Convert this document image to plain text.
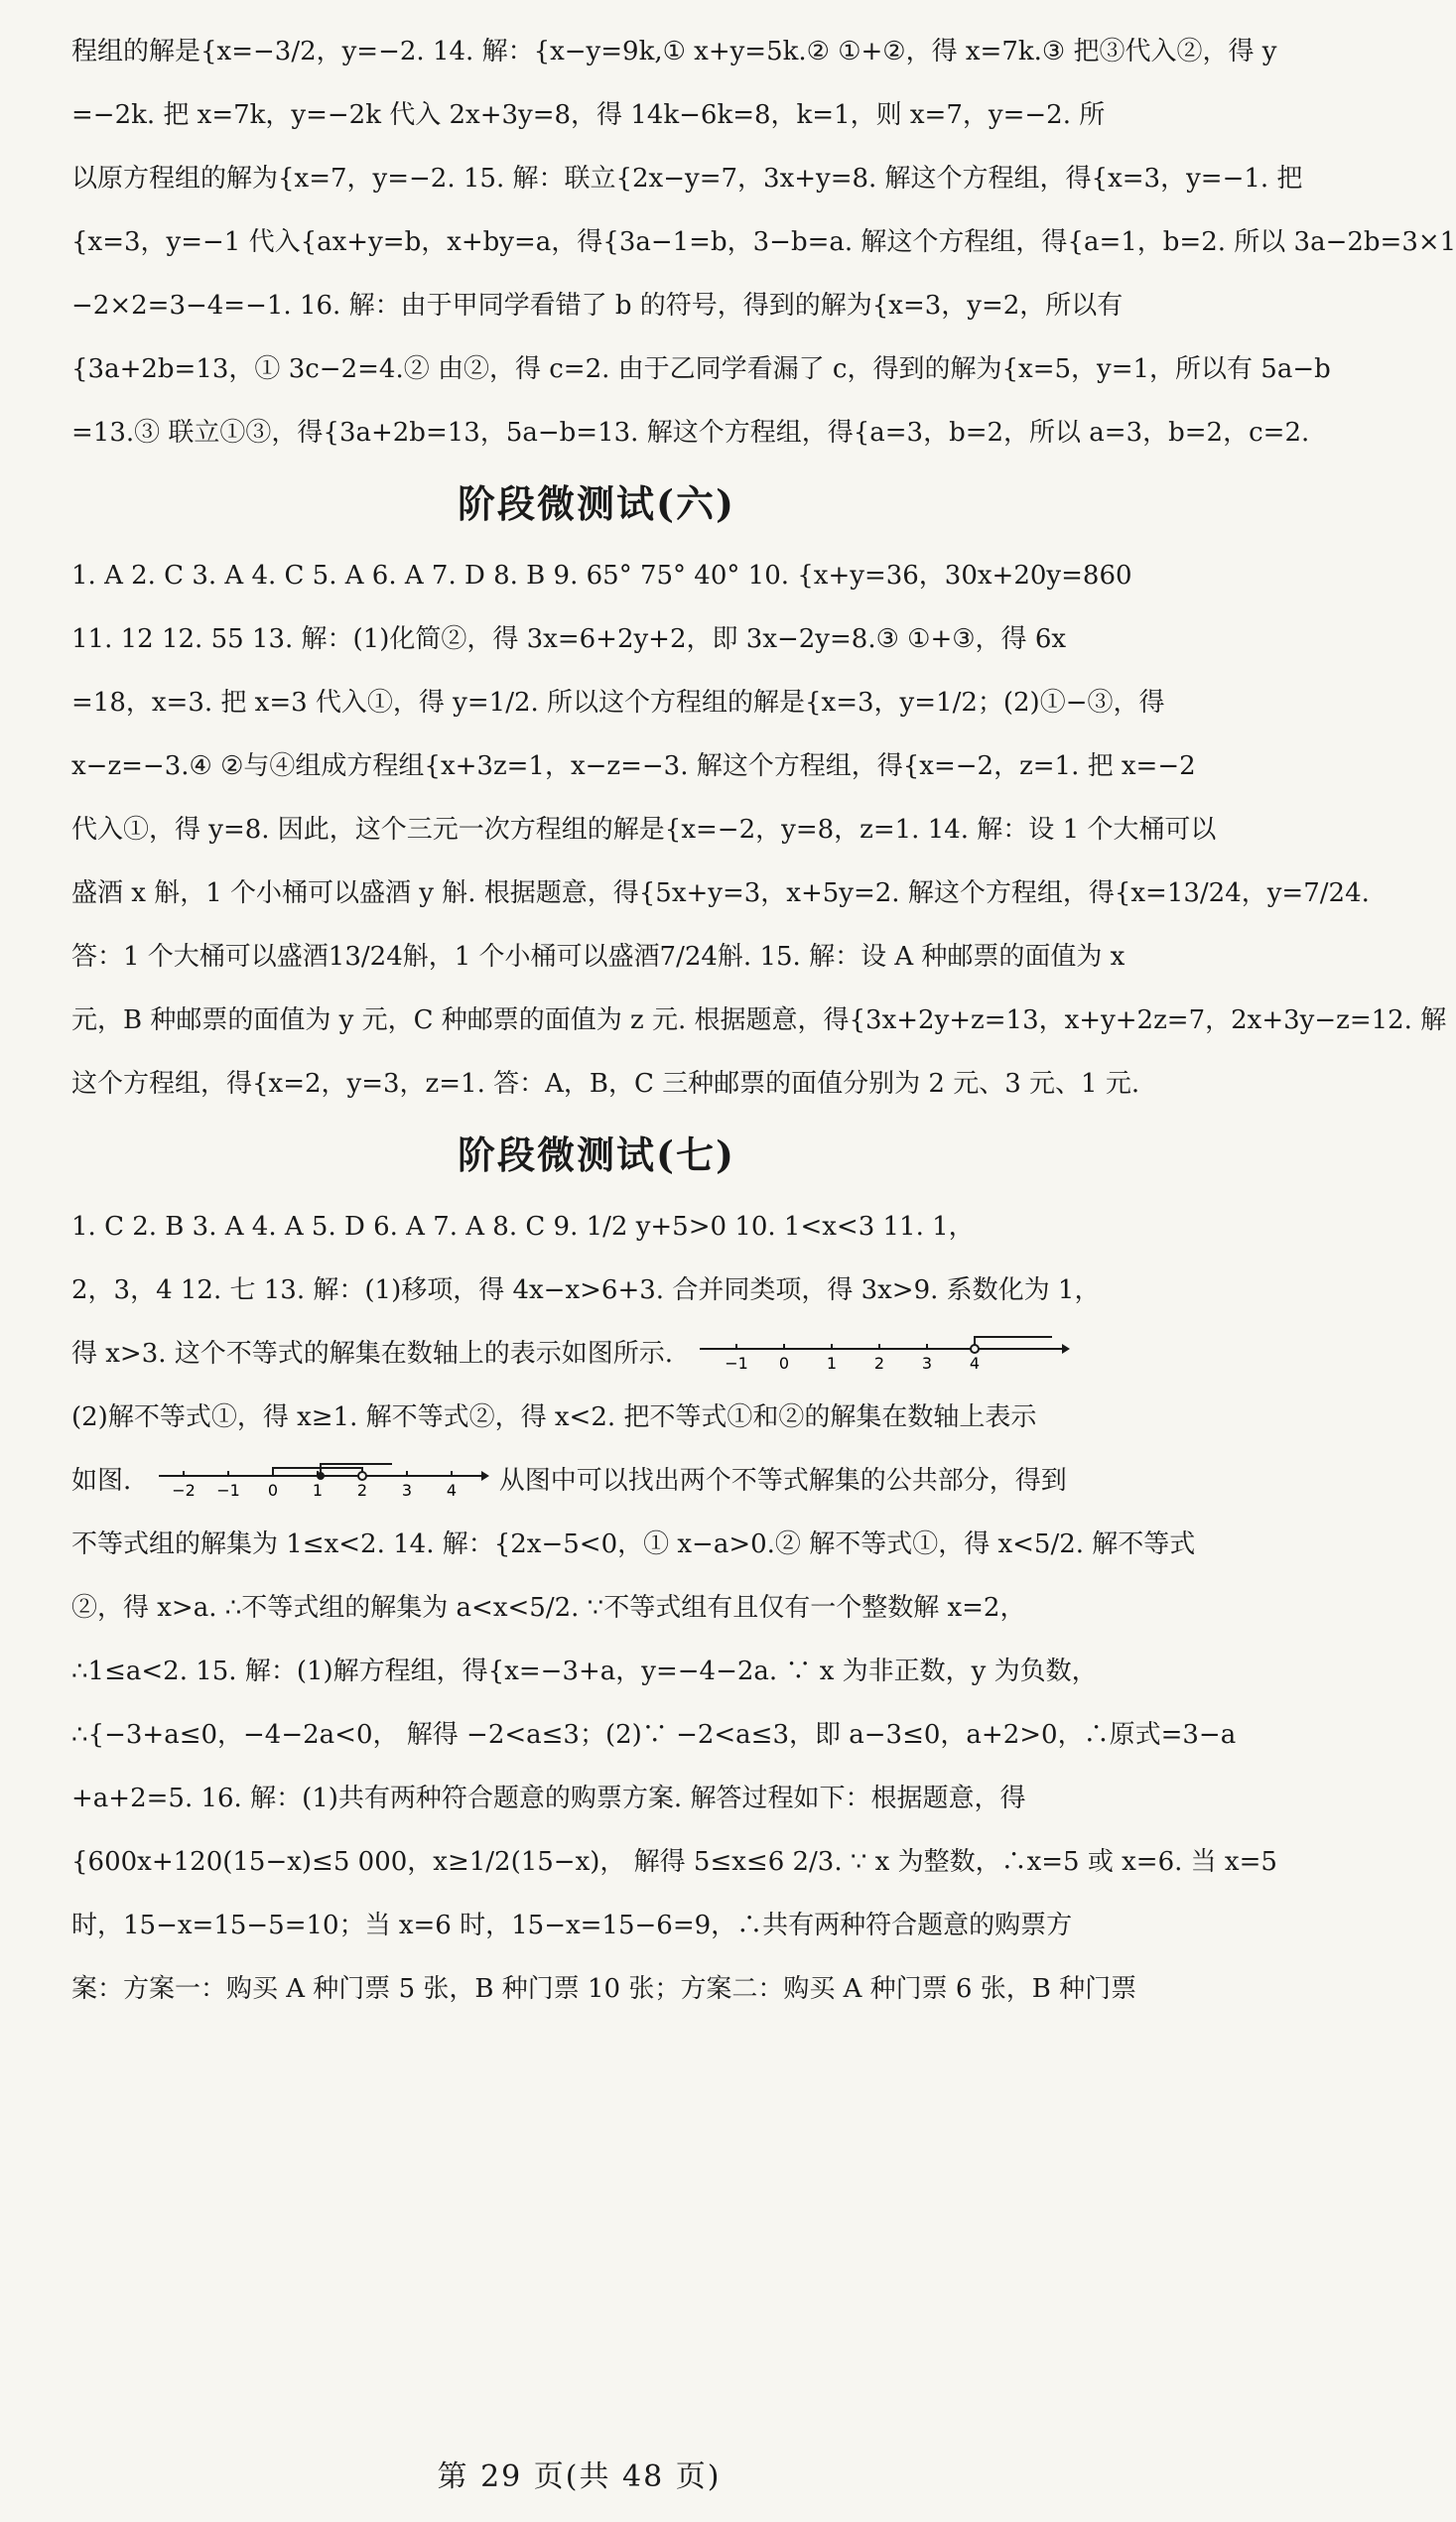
程组的解是{x=−3/2，y=−2. 14. 解：{x−y=9k,① x+y=5k.② ①+②，得 x=7k.③ 把③代入②，得 y
=−2k. 把 x=7k，y=−2k 代入 2x+3y=8，得 14k−6k=8，k=1，则 x=7，y=−2. 所
以原方程组的解为{x=7，y=−2. 15. 解：联立{2x−y=7，3x+y=8. 解这个方程组，得{x=3，y=−1. 把
{x=3，y=−1 代入{ax+y=b，x+by=a，得{3a−1=b，3−b=a. 解这个方程组，得{a=1，b=2. 所以 3a−2b=3×1
−2×2=3−4=−1. 16. 解：由于甲同学看错了 b 的符号，得到的解为{x=3，y=2，所以有
{3a+2b=13，① 3c−2=4.② 由②，得 c=2. 由于乙同学看漏了 c，得到的解为{x=5，y=1，所以有 5a−b
=13.③ 联立①③，得{3a+2b=13，5a−b=13. 解这个方程组，得{a=3，b=2，所以 a=3，b=2，c=2.
阶段微测试(六)
1. A 2. C 3. A 4. C 5. A 6. A 7. D 8. B 9. 65° 75° 40° 10. {x+y=36，30x+20y=860
11. 12 12. 55 13. 解：(1)化简②，得 3x=6+2y+2，即 3x−2y=8.③ ①+③，得 6x
=18，x=3. 把 x=3 代入①，得 y=1/2. 所以这个方程组的解是{x=3，y=1/2；(2)①−③，得
x−z=−3.④ ②与④组成方程组{x+3z=1，x−z=−3. 解这个方程组，得{x=−2，z=1. 把 x=−2
代入①，得 y=8. 因此，这个三元一次方程组的解是{x=−2，y=8，z=1. 14. 解：设 1 个大桶可以
盛酒 x 斛，1 个小桶可以盛酒 y 斛. 根据题意，得{5x+y=3，x+5y=2. 解这个方程组，得{x=13/24，y=7/24.
答：1 个大桶可以盛酒13/24斛，1 个小桶可以盛酒7/24斛. 15. 解：设 A 种邮票的面值为 x
元，B 种邮票的面值为 y 元，C 种邮票的面值为 z 元. 根据题意，得{3x+2y+z=13，x+y+2z=7，2x+3y−z=12. 解
这个方程组，得{x=2，y=3，z=1. 答：A，B，C 三种邮票的面值分别为 2 元、3 元、1 元.
阶段微测试(七)
1. C 2. B 3. A 4. A 5. D 6. A 7. A 8. C 9. 1/2 y+5>0 10. 1<x<3 11. 1，
2，3，4 12. 七 13. 解：(1)移项，得 4x−x>6+3. 合并同类项，得 3x>9. 系数化为 1，
得 x>3. 这个不等式的解集在数轴上的表示如图所示.	−1 0 1 2 3 4
(2)解不等式①，得 x≥1. 解不等式②，得 x<2. 把不等式①和②的解集在数轴上表示
如图.	−2 −1 0 1 2 3 4 从图中可以找出两个不等式解集的公共部分，得到
不等式组的解集为 1≤x<2. 14. 解：{2x−5<0，① x−a>0.② 解不等式①，得 x<5/2. 解不等式
②，得 x>a. ∴不等式组的解集为 a<x<5/2. ∵不等式组有且仅有一个整数解 x=2，
∴1≤a<2. 15. 解：(1)解方程组，得{x=−3+a，y=−4−2a. ∵ x 为非正数，y 为负数，
∴{−3+a≤0，−4−2a<0， 解得 −2<a≤3；(2)∵ −2<a≤3，即 a−3≤0，a+2>0，∴原式=3−a
+a+2=5. 16. 解：(1)共有两种符合题意的购票方案. 解答过程如下：根据题意，得
{600x+120(15−x)≤5 000，x≥1/2(15−x)， 解得 5≤x≤6 2/3. ∵ x 为整数，∴x=5 或 x=6. 当 x=5
时，15−x=15−5=10；当 x=6 时，15−x=15−6=9，∴共有两种符合题意的购票方
案：方案一：购买 A 种门票 5 张，B 种门票 10 张；方案二：购买 A 种门票 6 张，B 种门票
第 29 页(共 48 页)
